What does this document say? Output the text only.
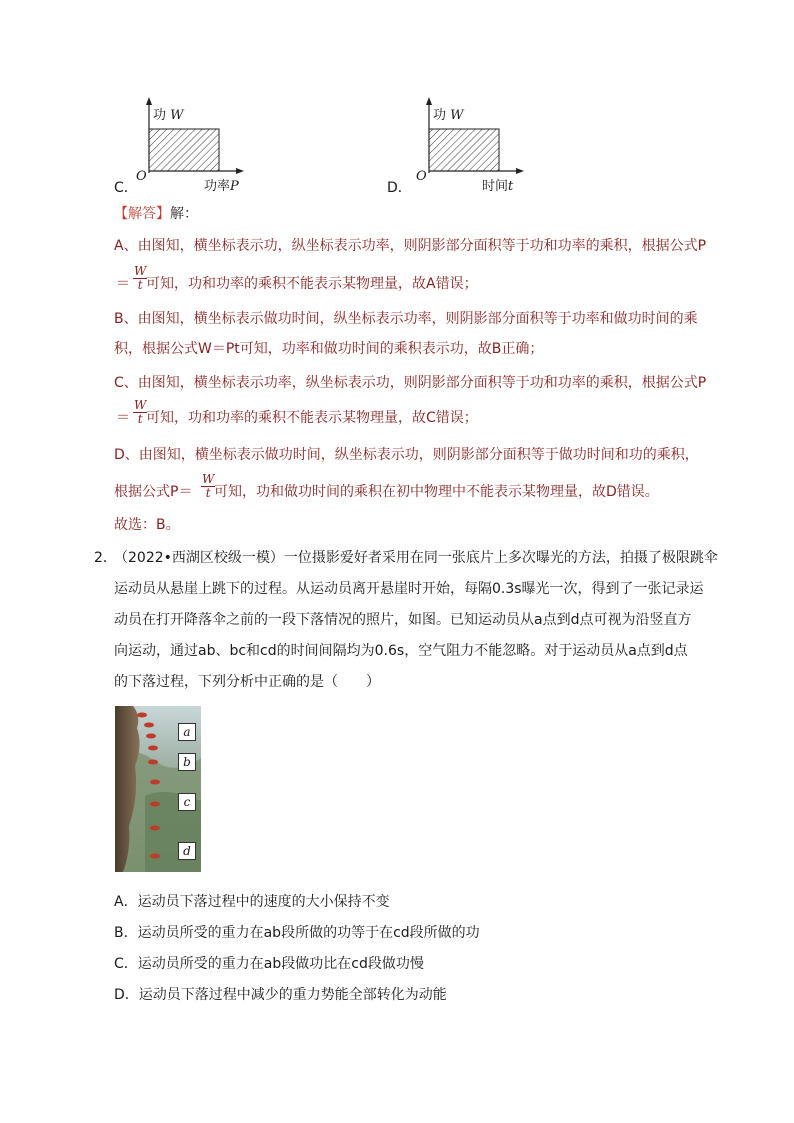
C．
功 W
O
功率P	D．
功 W
O
时间t
【解答】解：
A、由图知，横坐标表示功，纵坐标表示功率，则阴影部分面积等于功和功率的乘积，根据公式P
＝
W
t 可知，功和功率的乘积不能表示某物理量，故A错误；
B、由图知，横坐标表示做功时间，纵坐标表示功率，则阴影部分面积等于功率和做功时间的乘
积，根据公式W＝Pt可知，功率和做功时间的乘积表示功，故B正确；
C、由图知，横坐标表示功率，纵坐标表示功，则阴影部分面积等于功和功率的乘积，根据公式P
＝
W
t 可知，功和功率的乘积不能表示某物理量，故C错误；
D、由图知，横坐标表示做功时间，纵坐标表示功，则阴影部分面积等于做功时间和功的乘积，
根据公式P＝
W
t 可知，功和做功时间的乘积在初中物理中不能表示某物理量，故D错误。
故选：B。
2．
（2022•西湖区校级一模）一位摄影爱好者采用在同一张底片上多次曝光的方法，拍摄了极限跳伞
运动员从悬崖上跳下的过程。从运动员离开悬崖时开始，每隔0.3s曝光一次，得到了一张记录运
动员在打开降落伞之前的一段下落情况的照片，如图。已知运动员从a点到d点可视为沿竖直方
向运动，通过ab、bc和cd的时间间隔均为0.6s，空气阻力不能忽略。对于运动员从a点到d点
的下落过程，下列分析中正确的是（　　）
a
b
c
d
A．运动员下落过程中的速度的大小保持不变
B．运动员所受的重力在ab段所做的功等于在cd段所做的功
C．运动员所受的重力在ab段做功比在cd段做功慢
D．运动员下落过程中减少的重力势能全部转化为动能
